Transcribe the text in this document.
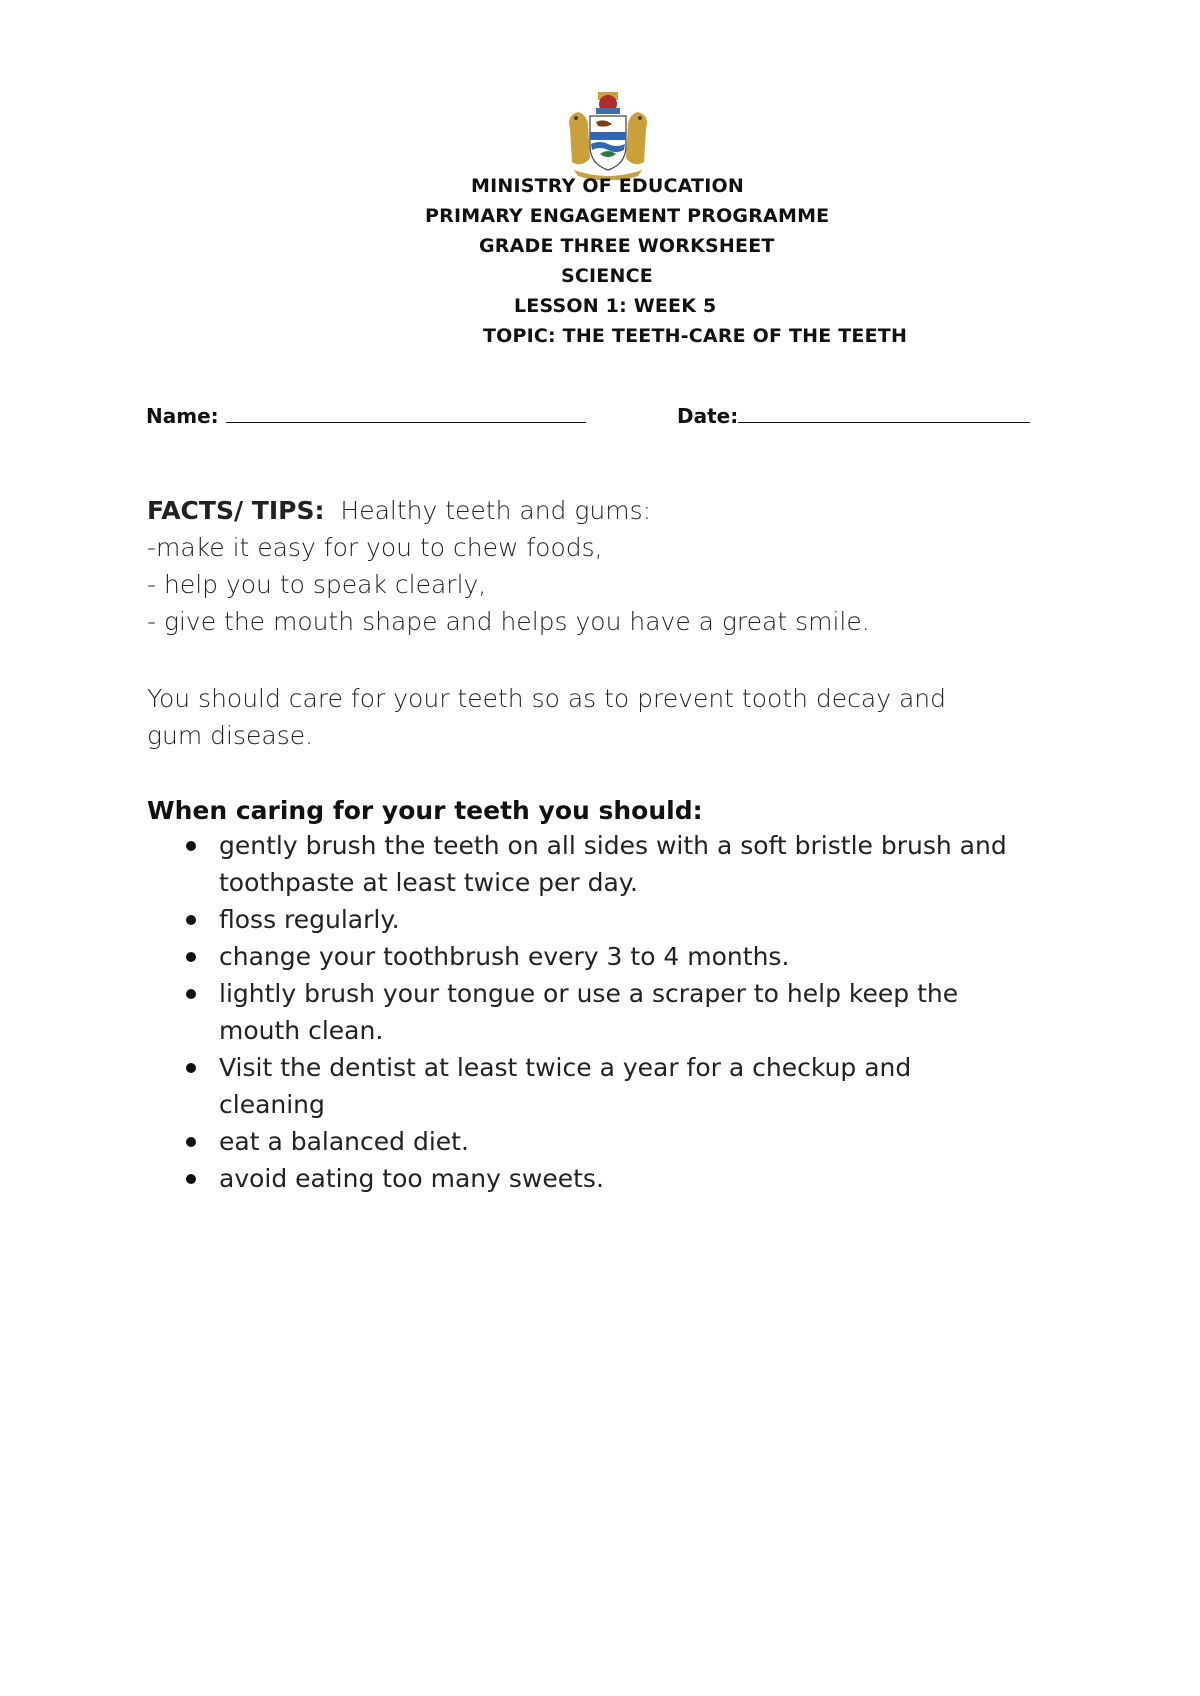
MINISTRY OF EDUCATION
PRIMARY ENGAGEMENT PROGRAMME
GRADE THREE WORKSHEET
SCIENCE
LESSON 1: WEEK 5
TOPIC: THE TEETH-CARE OF THE TEETH
Name:	Date:
FACTS/ TIPS: Healthy teeth and gums:
-make it easy for you to chew foods,
- help you to speak clearly,
- give the mouth shape and helps you have a great smile.
You should care for your teeth so as to prevent tooth decay and
gum disease.
When caring for your teeth you should:
gently brush the teeth on all sides with a soft bristle brush and
toothpaste at least twice per day.
floss regularly.
change your toothbrush every 3 to 4 months.
lightly brush your tongue or use a scraper to help keep the
mouth clean.
Visit the dentist at least twice a year for a checkup and
cleaning
eat a balanced diet.
avoid eating too many sweets.
